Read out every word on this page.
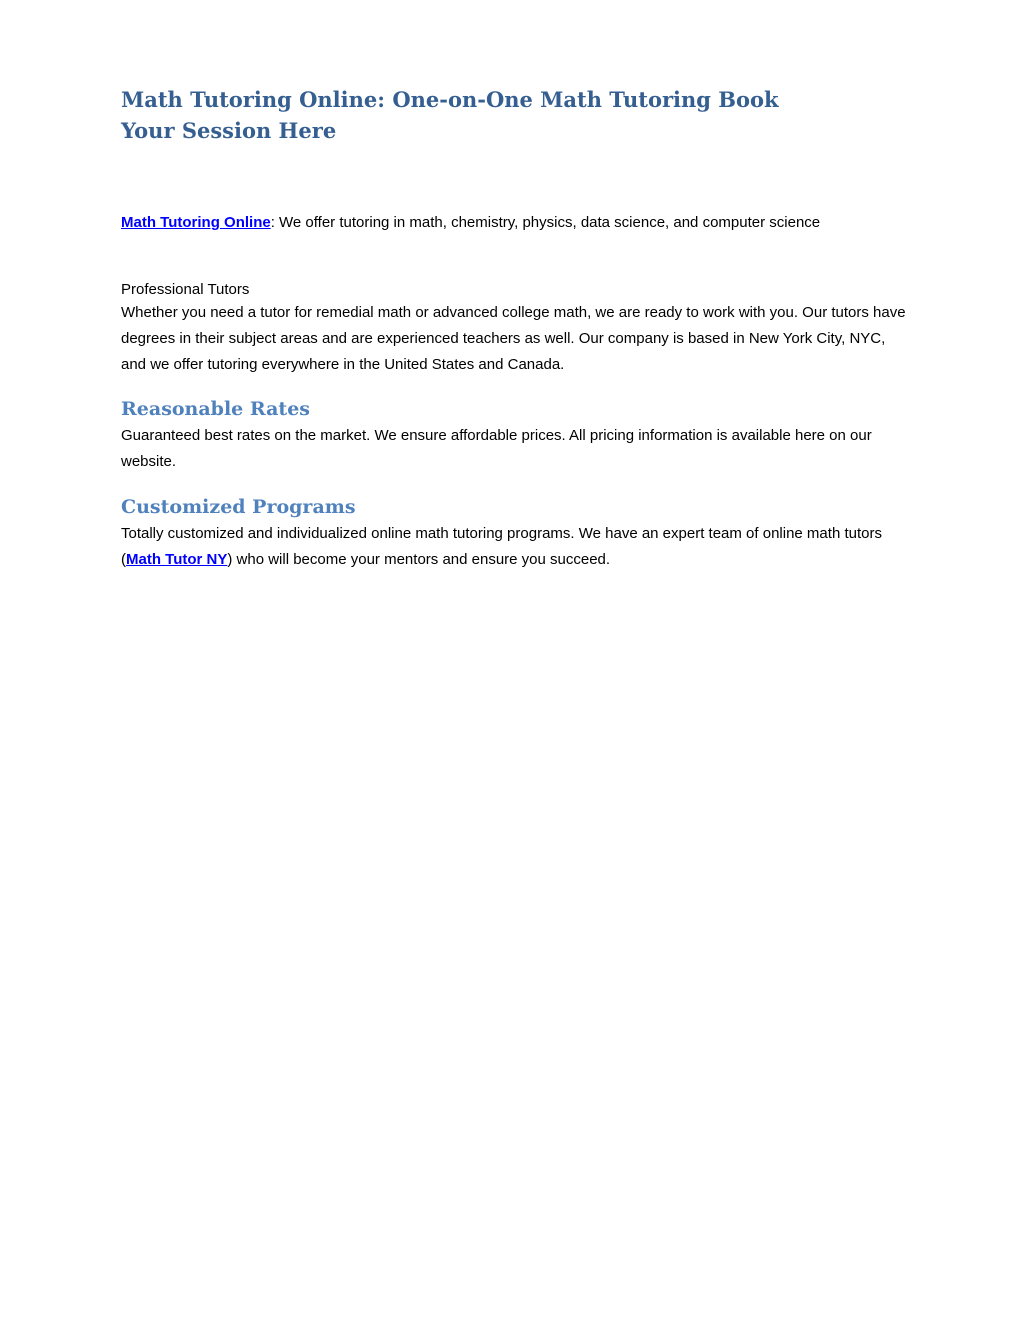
Math Tutoring Online: One-on-One Math Tutoring Book Your Session Here

Math Tutoring Online: We offer tutoring in math, chemistry, physics, data science, and computer science

Professional Tutors

Whether you need a tutor for remedial math or advanced college math, we are ready to work with you. Our tutors have degrees in their subject areas and are experienced teachers as well. Our company is based in New York City, NYC, and we offer tutoring everywhere in the United States and Canada.

Reasonable Rates

Guaranteed best rates on the market. We ensure affordable prices. All pricing information is available here on our website.

Customized Programs

Totally customized and individualized online math tutoring programs. We have an expert team of online math tutors (Math Tutor NY) who will become your mentors and ensure you succeed.
